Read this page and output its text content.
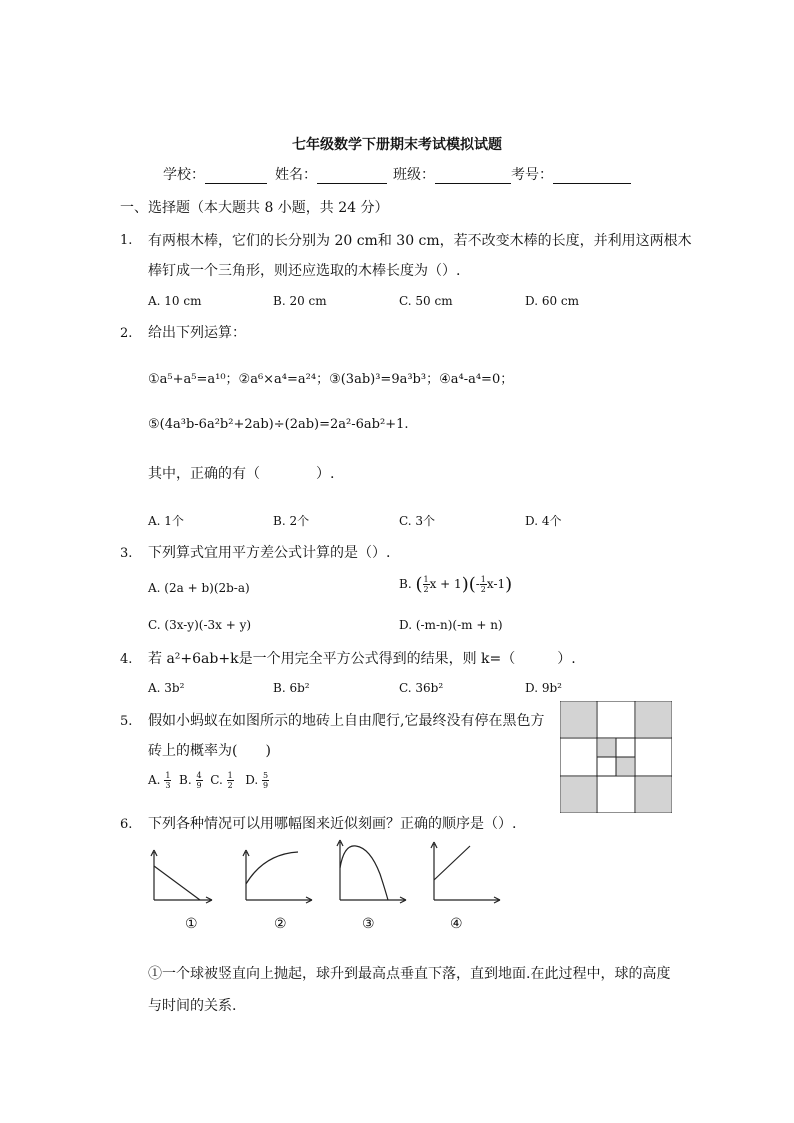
七年级数学下册期末考试模拟试题
学校：	姓名：	班级：	考号：
一、选择题（本大题共 8 小题，共 24 分）
1. 有两根木棒，它们的长分别为 20 cm和 30 cm，若不改变木棒的长度，并利用这两根木
棒钉成一个三角形，则还应选取的木棒长度为（）.
A. 10 cm	B. 20 cm	C. 50 cm	D. 60 cm
2. 给出下列运算：
①a⁵+a⁵=a¹⁰；②a⁶×a⁴=a²⁴；③(3ab)³=9a³b³；④a⁴-a⁴=0；
⑤(4a³b-6a²b²+2ab)÷(2ab)=2a²-6ab²+1.
其中，正确的有（　　　　）.
A. 1个	B. 2个	C. 3个	D. 4个
3. 下列算式宜用平方差公式计算的是（）.
A. (2a + b)(2b-a)	B. ( $\frac{1}{2}$ $x + 1)(- \frac{1}{2} x-1)$
C. (3x-y)(-3x + y)	D. (-m-n)(-m + n)
4. 若 a²+6ab+k是一个用完全平方公式得到的结果，则 k=（　　　）.
A. 3b²	B. 6b²	C. 36b²	D. 9b²
5. 假如小蚂蚁在如图所示的地砖上自由爬行,它最终没有停在黑色方
砖上的概率为(　　)
A. $\frac{1}{3} B$. $\frac{4}{9} C$. $\frac{1}{2} D$. $\frac{5}{9}$
6. 下列各种情况可以用哪幅图来近似刻画？正确的顺序是（）.
①	②	③	④
①一个球被竖直向上抛起，球升到最高点垂直下落，直到地面.在此过程中，球的高度
与时间的关系.
